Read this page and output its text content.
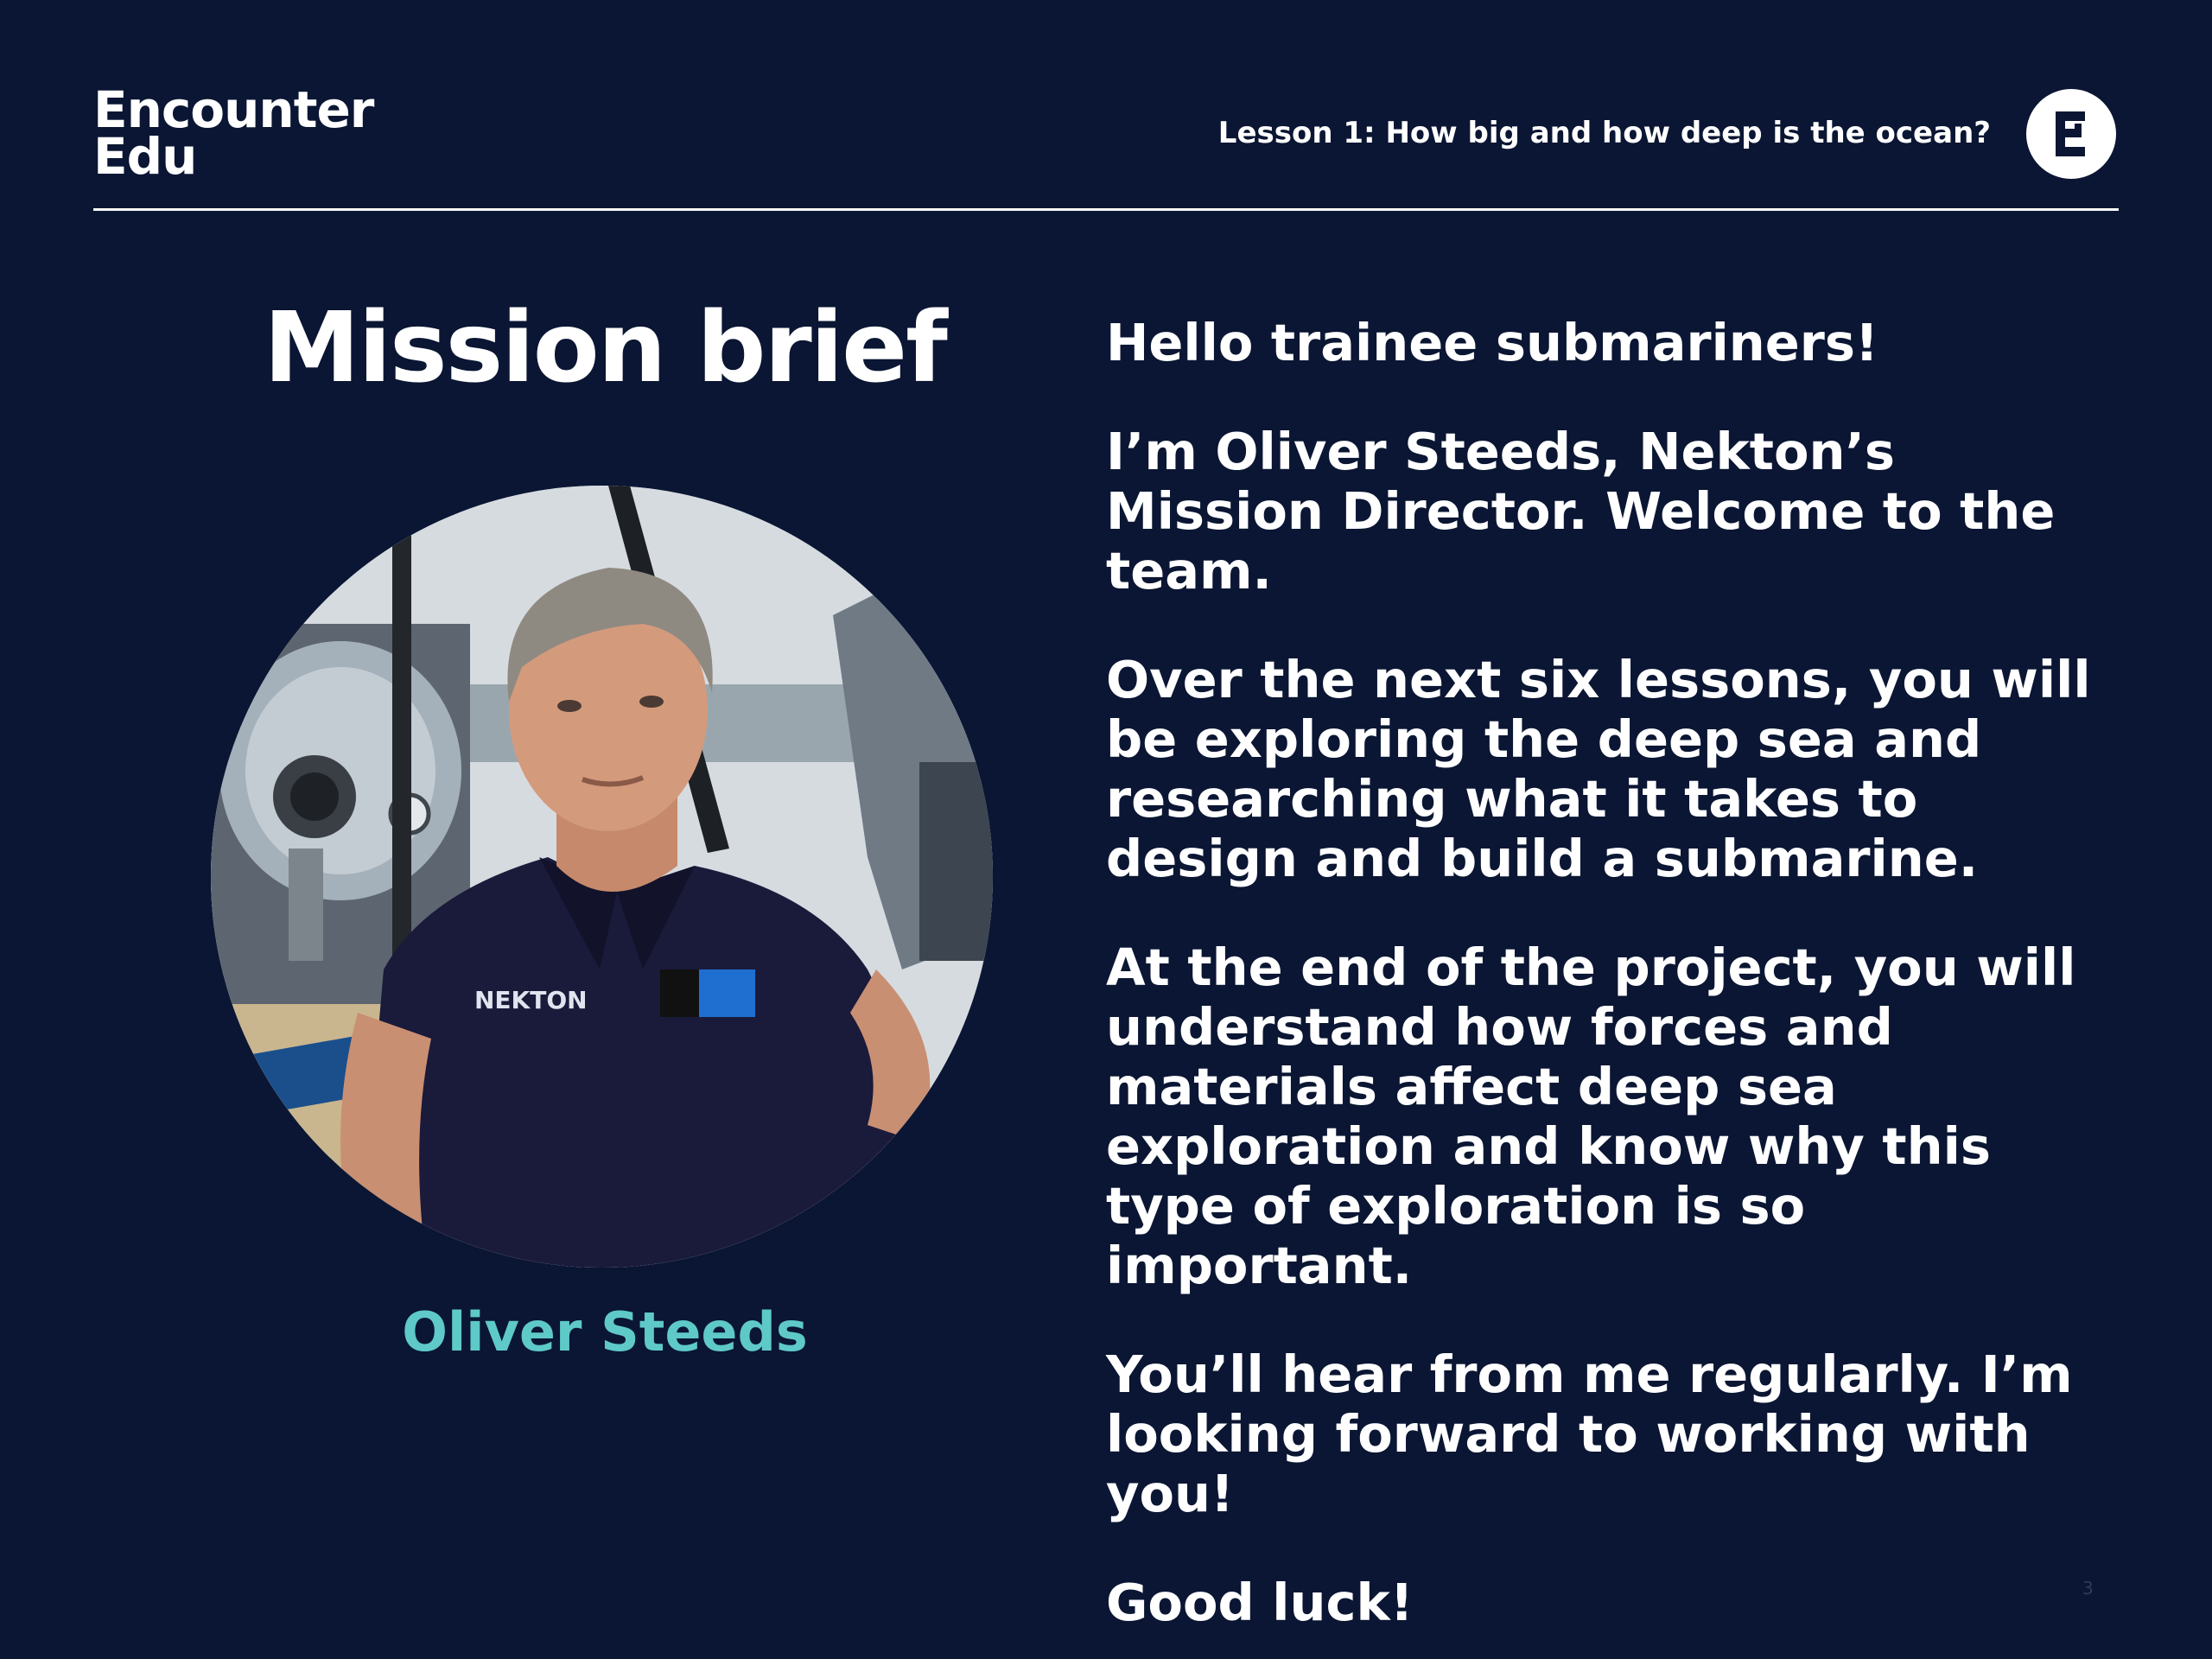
Encounter
Edu	Lesson 1: How big and how deep is the ocean?
Mission brief
NEKTON
Oliver Steeds

Hello trainee submariners!

I’m Oliver Steeds, Nekton’s Mission Director. Welcome to the team.

Over the next six lessons, you will be exploring the deep sea and researching what it takes to design and build a submarine.

At the end of the project, you will understand how forces and materials affect deep sea exploration and know why this type of exploration is so important.

You’ll hear from me regularly. I’m looking forward to working with you!

Good luck!	3
